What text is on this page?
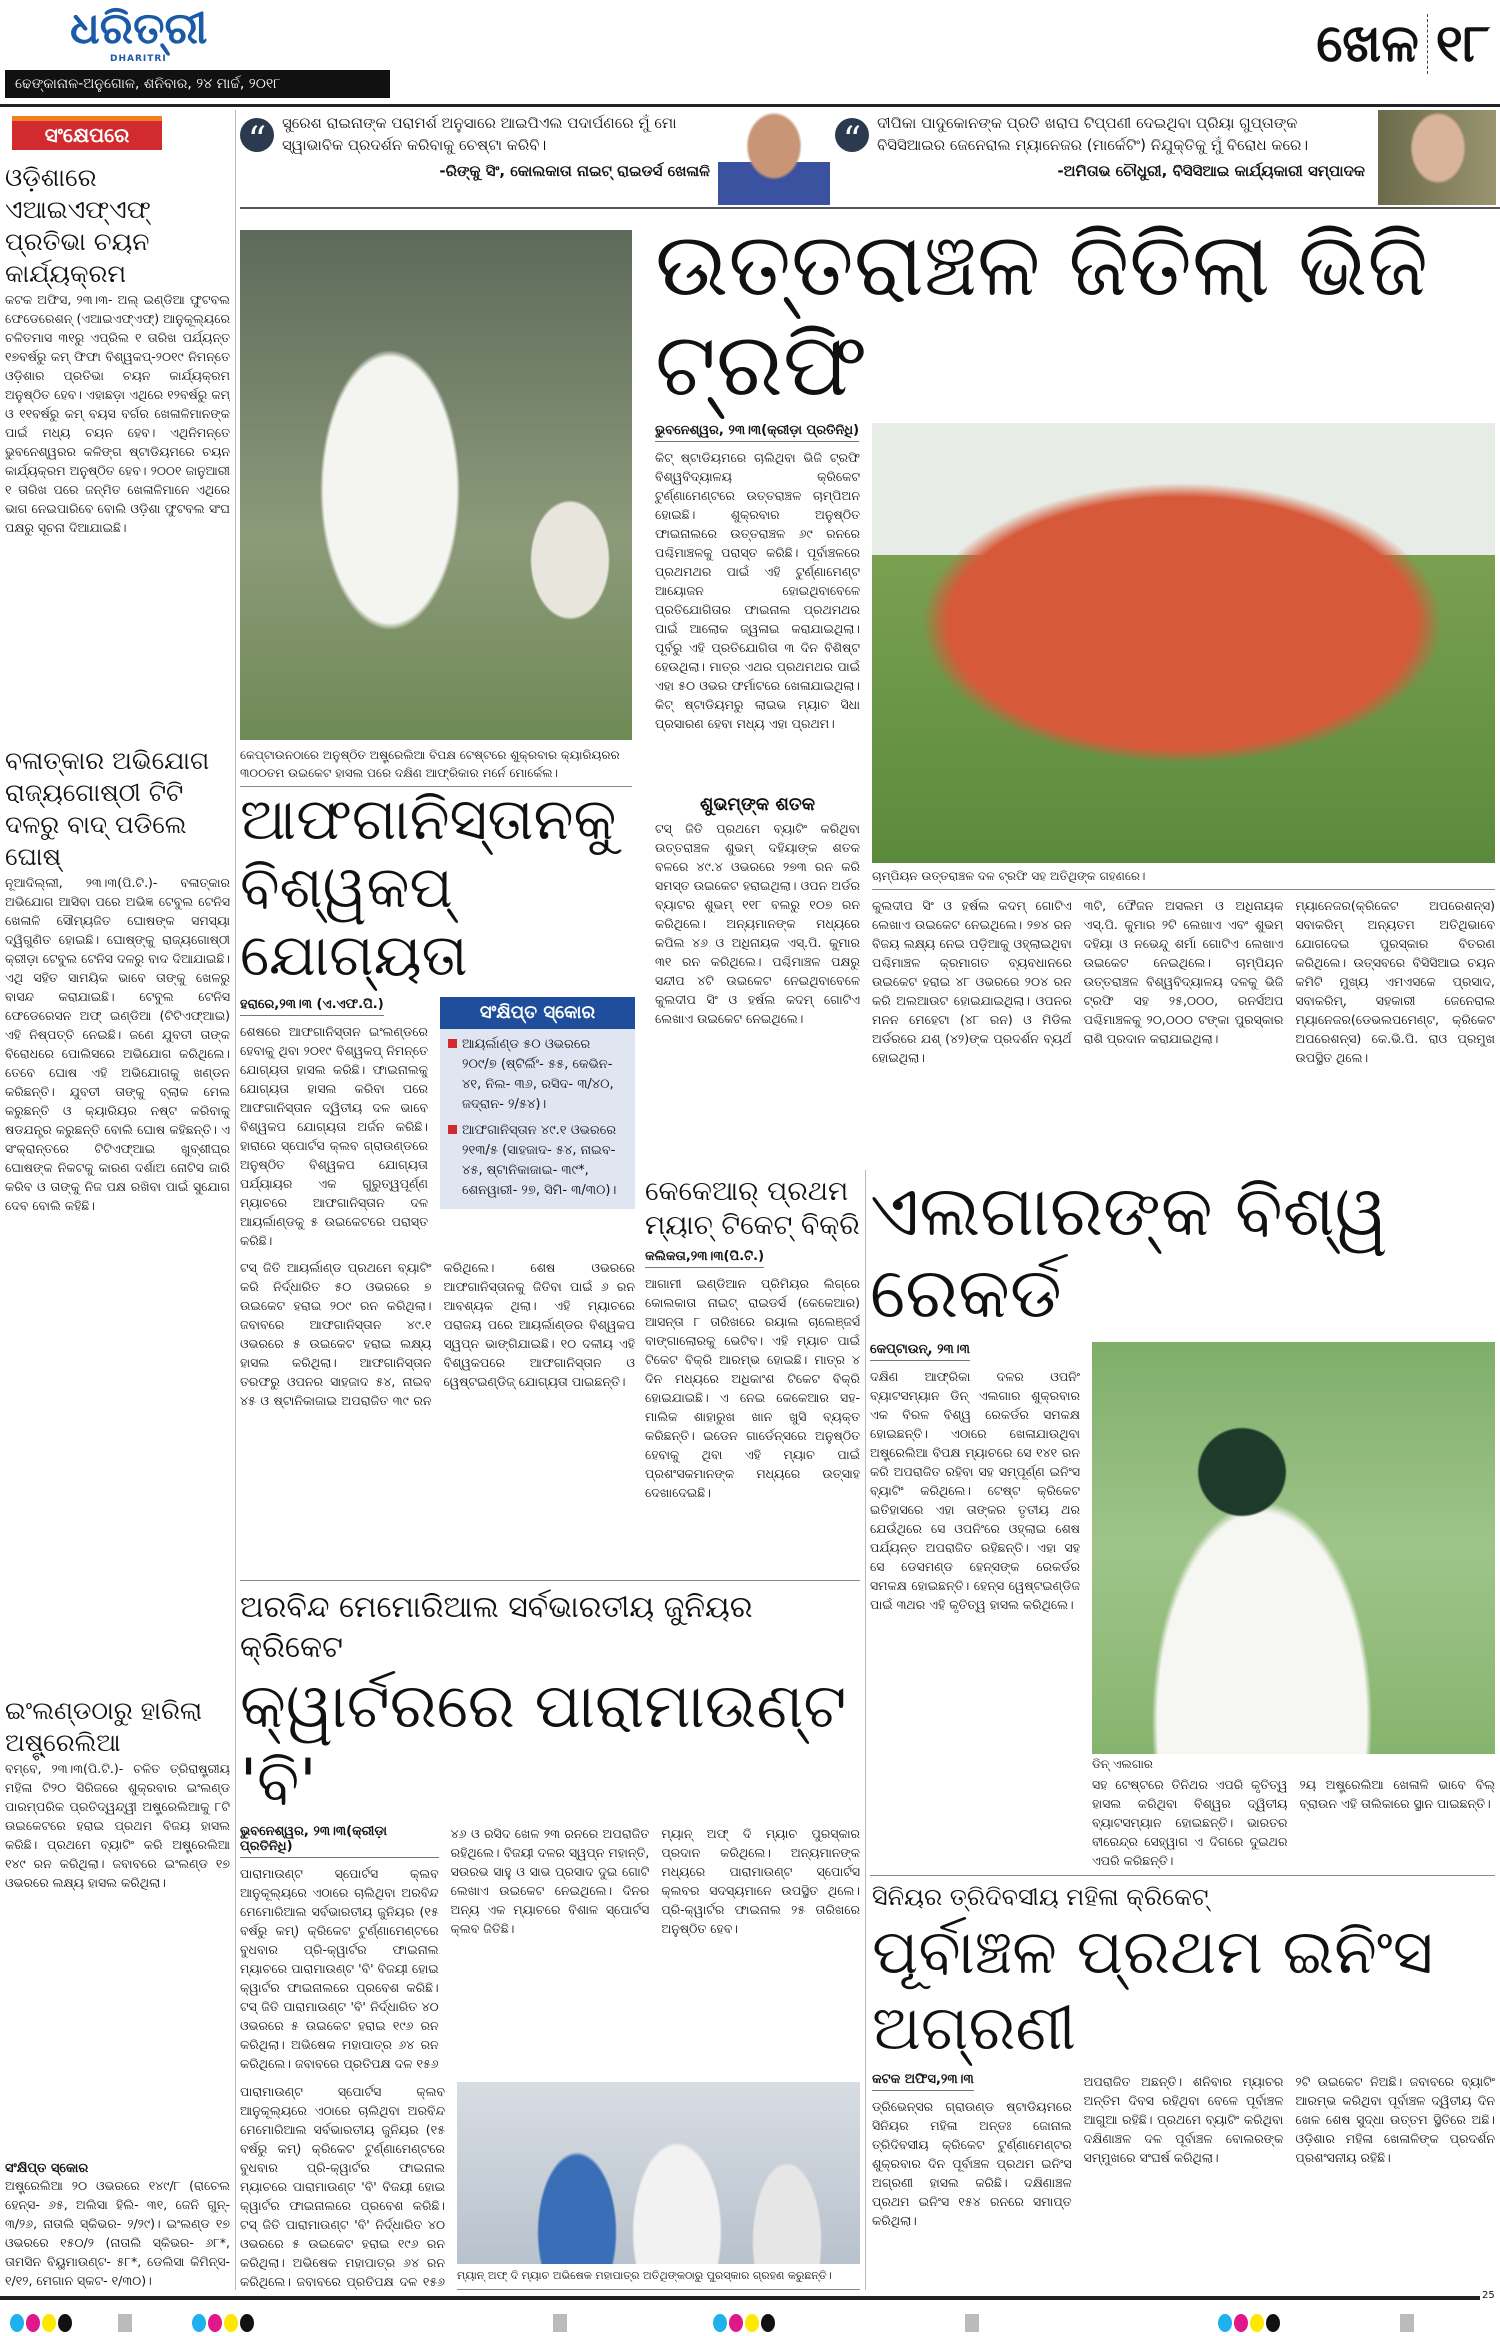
ଧରିତ୍ରୀ
DHARITRI
ଢେଙ୍କାନାଳ-ଅନୁଗୋଳ, ଶନିବାର, ୨୪ ମାର୍ଚ୍ଚ, ୨୦୧୮
ଖେଳ ୧୮
“	ସୁରେଶ ରାଇନାଙ୍କ ପରାମର୍ଶ ଅନୁସାରେ ଆଇପିଏଲ ପଦାର୍ପଣରେ ମୁଁ ମୋ ସ୍ୱାଭାବିକ ପ୍ରଦର୍ଶନ କରିବାକୁ ଚେଷ୍ଟା କରିବି।
-ରିଙ୍କୁ ସିଂ, କୋଲକାତା ନାଇଟ୍ ରାଇଡର୍ସ ଖେଳାଳି
“	ଦୀପିକା ପାଦୁକୋନଙ୍କ ପ୍ରତି ଖରାପ ଟିପ୍ପଣୀ ଦେଇଥିବା ପ୍ରିୟା ଗୁପ୍ତାଙ୍କ ବିସିସିଆଇର ଜେନେରାଲ ମ୍ୟାନେଜର (ମାର୍କେଟିଂ) ନିଯୁକ୍ତିକୁ ମୁଁ ବିରୋଧ କରେ।
-ଅମିତାଭ ଚୌଧୁରୀ, ବିସିସିଆଇ କାର୍ଯ୍ୟକାରୀ ସମ୍ପାଦକ
ସଂକ୍ଷେପରେ
ଓଡ଼ିଶାରେ ଏଆଇଏଫ୍ଏଫ୍ ପ୍ରତିଭା ଚୟନ କାର୍ଯ୍ୟକ୍ରମ
କଟକ ଅଫିସ, ୨୩।୩- ଅଲ୍ ଇଣ୍ଡିଆ ଫୁଟବଲ ଫେଡେରେଶନ୍ (ଏଆଇଏଫ୍ଏଫ୍) ଆନୁକୂଲ୍ୟରେ ଚଳିତମାସ ୩୧ରୁ ଏପ୍ରିଲ ୧ ତାରିଖ ପର୍ଯ୍ୟନ୍ତ ୧୭ବର୍ଷରୁ କମ୍ ଫିଫା ବିଶ୍ୱକପ୍-୨୦୧୯ ନିମନ୍ତେ ଓଡ଼ିଶାର ପ୍ରତିଭା ଚୟନ କାର୍ଯ୍ୟକ୍ରମ ଅନୁଷ୍ଠିତ ହେବ। ଏହାଛଡ଼ା ଏଥିରେ ୧୨ବର୍ଷରୁ କମ୍ ଓ ୧୧ବର୍ଷରୁ କମ୍ ବୟସ ବର୍ଗର ଖେଳାଳିମାନଙ୍କ ପାଇଁ ମଧ୍ୟ ଚୟନ ହେବ। ଏଥିନିମନ୍ତେ ଭୁବନେଶ୍ୱରର କଳିଙ୍ଗ ଷ୍ଟାଡିୟମରେ ଚୟନ କାର୍ଯ୍ୟକ୍ରମ ଅନୁଷ୍ଠିତ ହେବ। ୨୦୦୧ ଜାନୁଆରୀ ୧ ତାରିଖ ପରେ ଜନ୍ମିତ ଖେଳାଳିମାନେ ଏଥିରେ ଭାଗ ନେଇପାରିବେ ବୋଲି ଓଡ଼ିଶା ଫୁଟବଲ ସଂଘ ପକ୍ଷରୁ ସୂଚନା ଦିଆଯାଇଛି।
ବଳାତ୍କାର ଅଭିଯୋଗ ରାଜ୍ୟଗୋଷ୍ଠୀ ଟିଟି ଦଳରୁ ବାଦ୍ ପଡିଲେ ଘୋଷ୍
ନୂଆଦିଲ୍ଲୀ, ୨୩।୩(ପି.ଟି.)- ବଳାତ୍କାର ଅଭିଯୋଗ ଆସିବା ପରେ ଅଭିଜ୍ଞ ଟେବୁଲ ଟେନିସ ଖେଳାଳି ସୌମ୍ୟଜିତ ଘୋଷଙ୍କ ସମସ୍ୟା ଦ୍ୱିଗୁଣିତ ହୋଇଛି। ଘୋଷ୍‌ଙ୍କୁ ରାଜ୍ୟଗୋଷ୍ଠୀ କ୍ରୀଡ଼ା ଟେବୁଲ ଟେନିସ ଦଳରୁ ବାଦ ଦିଆଯାଇଛି। ଏଥି ସହିତ ସାମୟିକ ଭାବେ ତାଙ୍କୁ ଖେଳରୁ ବାସନ୍ଦ କରାଯାଇଛି। ଟେବୁଲ ଟେନିସ ଫେଡେରେସନ ଅଫ୍ ଇଣ୍ଡିଆ (ଟିଟିଏଫ୍ଆଇ) ଏହି ନିଷ୍ପତ୍ତି ନେଇଛି। ଜଣେ ଯୁବତୀ ତାଙ୍କ ବିରୋଧରେ ପୋଲିସରେ ଅଭିଯୋଗ କରିଥିଲେ। ତେବେ ଘୋଷ ଏହି ଅଭିଯୋଗକୁ ଖଣ୍ଡନ କରିଛନ୍ତି। ଯୁବତୀ ତାଙ୍କୁ ବ୍ଲାକ ମେଲ କରୁଛନ୍ତି ଓ କ୍ୟାରିୟର ନଷ୍ଟ କରିବାକୁ ଷଡଯନ୍ତ୍ର କରୁଛନ୍ତି ବୋଲି ଘୋଷ କହିଛନ୍ତି। ଏ ସଂକ୍ରାନ୍ତରେ ଟିଟିଏଫ୍ଆଇ ଖୁବ୍‌ଶୀଘ୍ର ଘୋଷଙ୍କ ନିକଟକୁ କାରଣ ଦର୍ଶାଅ ନୋଟିସ ଜାରି କରିବ ଓ ତାଙ୍କୁ ନିଜ ପକ୍ଷ ରଖିବା ପାଇଁ ସୁଯୋଗ ଦେବ ବୋଲି କହିଛି।
ଇଂଲଣ୍ଡଠାରୁ ହାରିଲା ଅଷ୍ଟ୍ରେଲିଆ
ବମ୍ବେ, ୨୩।୩(ପି.ଟି.)- ଚଳିତ ତ୍ରିରାଷ୍ଟ୍ରୀୟ ମହିଳା ଟି୨୦ ସିରିଜରେ ଶୁକ୍ରବାର ଇଂଲଣ୍ଡ ପାରମ୍ପରିକ ପ୍ରତିଦ୍ୱନ୍ଦ୍ୱୀ ଅଷ୍ଟ୍ରେଲିଆକୁ ୮ଟି ଉଇକେଟରେ ହରାଇ ପ୍ରଥମ ବିଜୟ ହାସଲ କରିଛି। ପ୍ରଥମେ ବ୍ୟାଟିଂ କରି ଅଷ୍ଟ୍ରେଲିଆ ୧୪୯ ରନ କରିଥିଲା। ଜବାବରେ ଇଂଲଣ୍ଡ ୧୭ ଓଭରରେ ଲକ୍ଷ୍ୟ ହାସଲ କରିଥିଲା।
ସଂକ୍ଷିପ୍ତ ସ୍କୋର
ଅଷ୍ଟ୍ରେଲିଆ ୨୦ ଓଭରରେ ୧୪୯/୮ (ରାଚେଲ ହେନ୍ସ- ୬୫, ଅଲିସା ହିଲି- ୩୧, ଜେନି ଗୁନ୍- ୩/୨୬, ନାତାଲି ସ୍କିଭର- ୨/୨୯)। ଇଂଲଣ୍ଡ ୧୭ ଓଭରରେ ୧୫୦/୨ (ନାତାଲି ସ୍କିଭର- ୬୮*, ତାମସିନ ବିୟୁମାଉଣ୍ଟ- ୫୮*, ଡେଲିସା କିମିନ୍ସ- ୧/୧୨, ମେଗାନ ସ୍କଟ- ୧/୩୦)।
କେପ୍‌ଟାଉନଠାରେ ଅନୁଷ୍ଠିତ ଅଷ୍ଟ୍ରେଲିଆ ବିପକ୍ଷ ଟେଷ୍ଟରେ ଶୁକ୍ରବାର କ୍ୟାରିୟରର ୩୦୦ତମ ଉଇକେଟ ହାସଲ ପରେ ଦକ୍ଷିଣ ଆଫ୍ରିକାର ମର୍ନେ ମୋର୍କେଲ।
ଉତ୍ତରାଞ୍ଚଳ ଜିତିଲା ଭିଜି ଟ୍ରଫି
ଭୁବନେଶ୍ୱର, ୨୩।୩(କ୍ରୀଡ଼ା ପ୍ରତିନିଧି)
କିଟ୍ ଷ୍ଟାଡିୟମରେ ଚାଲିଥିବା ଭିଜି ଟ୍ରଫି ବିଶ୍ୱବିଦ୍ୟାଳୟ କ୍ରିକେଟ ଟୁର୍ଣ୍ଣାମେଣ୍ଟରେ ଉତ୍ତରାଞ୍ଚଳ ଚାମ୍ପିଅନ ହୋଇଛି। ଶୁକ୍ରବାର ଅନୁଷ୍ଠିତ ଫାଇନାଲରେ ଉତ୍ତରାଞ୍ଚଳ ୬୯ ରନରେ ପଶ୍ଚିମାଞ୍ଚଳକୁ ପରାସ୍ତ କରିଛି। ପୂର୍ବାଞ୍ଚଳରେ ପ୍ରଥମଥର ପାଇଁ ଏହି ଟୁର୍ଣ୍ଣାମେଣ୍ଟ ଆୟୋଜନ ହୋଇଥିବାବେଳେ ପ୍ରତିଯୋଗିତାର ଫାଇନାଲ ପ୍ରଥମଥର ପାଇଁ ଆଲୋକ ଜ୍ୱଳାଇ କରାଯାଇଥିଲା। ପୂର୍ବରୁ ଏହି ପ୍ରତିଯୋଗିତା ୩ ଦିନ ବିଶିଷ୍ଟ ହେଉଥିଲା। ମାତ୍ର ଏଥର ପ୍ରଥମଥର ପାଇଁ ଏହା ୫୦ ଓଭର ଫର୍ମାଟରେ ଖେଳାଯାଇଥିଲା। କିଟ୍ ଷ୍ଟାଡିୟମରୁ ଲାଇଭ ମ୍ୟାଚ ସିଧା ପ୍ରସାରଣ ହେବା ମଧ୍ୟ ଏହା ପ୍ରଥମ।
ଶୁଭମ୍‌ଙ୍କ ଶତକ
ଟସ୍ ଜିତି ପ୍ରଥମେ ବ୍ୟାଟିଂ କରିଥିବା ଉତ୍ତରାଞ୍ଚଳ ଶୁଭମ୍ ଦହିୟାଙ୍କ ଶତକ ବଳରେ ୪୯.୪ ଓଭରରେ ୨୭୩ ରନ କରି ସମସ୍ତ ଉଇକେଟ ହରାଇଥିଲା। ଓପନ ଅର୍ଡର ବ୍ୟାଟର ଶୁଭମ୍ ୧୧୮ ବଲରୁ ୧୦୭ ରନ କରିଥିଲେ। ଅନ୍ୟମାନଙ୍କ ମଧ୍ୟରେ କପିଲ ୪୬ ଓ ଅଧିନାୟକ ଏସ୍.ପି. କୁମାର ୩୧ ରନ କରିଥିଲେ। ପଶ୍ଚିମାଞ୍ଚଳ ପକ୍ଷରୁ ସନ୍ଦୀପ ୪ଟି ଉଇକେଟ ନେଇଥିବାବେଳେ କୁଲଦୀପ ସିଂ ଓ ହର୍ଷଲ କଦମ୍ ଗୋଟିଏ ଲେଖାଏ ଉଇକେଟ ନେଇଥିଲେ।
ଚାମ୍ପିୟନ ଉତ୍ତରାଞ୍ଚଳ ଦଳ ଟ୍ରଫି ସହ ଅତିଥିଙ୍କ ଗହଣରେ।
କୁଲଦୀପ ସିଂ ଓ ହର୍ଷଲ କଦମ୍ ଗୋଟିଏ ଲେଖାଏ ଉଇକେଟ ନେଇଥିଲେ। ୨୭୪ ରନ ବିଜୟ ଲକ୍ଷ୍ୟ ନେଇ ପଡ଼ିଆକୁ ଓହ୍ଲାଇଥିବା ପଶ୍ଚିମାଞ୍ଚଳ କ୍ରମାଗତ ବ୍ୟବଧାନରେ ଉଇକେଟ ହରାଇ ୪୮ ଓଭରରେ ୨୦୪ ରନ କରି ଅଲଆଉଟ ହୋଇଯାଇଥିଲା। ଓପନର ମନନ ମେହେଟା (୪୮ ରନ) ଓ ମିଡିଲ ଅର୍ଡରରେ ଯଶ୍ (୪୨)ଙ୍କ ପ୍ରଦର୍ଶନ ବ୍ୟର୍ଥ ହୋଇଥିଲା।
୩ଟି, ଫୈଜନ ଅସଲମ ଓ ଅଧିନାୟକ ଏସ୍.ପି. କୁମାର ୨ଟି ଲେଖାଏ ଏବଂ ଶୁଭମ୍ ଦହିୟା ଓ ନଭେନ୍ଦୁ ଶର୍ମା ଗୋଟିଏ ଲେଖାଏ ଉଇକେଟ ନେଇଥିଲେ। ଚାମ୍ପିୟନ ଉତ୍ତରାଞ୍ଚଳ ବିଶ୍ୱବିଦ୍ୟାଳୟ ଦଳକୁ ଭିଜି ଟ୍ରଫି ସହ ୨୫,୦୦୦, ରନର୍ସଅପ ପଶ୍ଚିମାଞ୍ଚଳକୁ ୨୦,୦୦୦ ଟଙ୍କା ପୁରସ୍କାର ରାଶି ପ୍ରଦାନ କରାଯାଇଥିଲା।
ମ୍ୟାନେଜର(କ୍ରିକେଟ ଅପରେଶନ୍ସ) ସବାକରିମ୍ ଅନ୍ୟତମ ଅତିଥିଭାବେ ଯୋଗଦେଇ ପୁରସ୍କାର ବିତରଣ କରିଥିଲେ। ଉତ୍ସବରେ ବିସିସିଆଇ ଚୟନ କମିଟି ମୁଖ୍ୟ ଏମଏସକେ ପ୍ରସାଦ, ସବାକରିମ୍, ସହକାରୀ ଜେନେରାଲ ମ୍ୟାନେଜର(ଡେଭଲପମେଣ୍ଟ, କ୍ରିକେଟ ଅପରେଶନ୍ସ) କେ.ଭି.ପି. ରାଓ ପ୍ରମୁଖ ଉପସ୍ଥିତ ଥିଲେ।
ଆଫଗାନିସ୍ତାନକୁ ବିଶ୍ୱକପ୍ ଯୋଗ୍ୟତା
ହରାରେ,୨୩।୩ (ଏ.ଏଫ.ପି.)
ଶେଷରେ ଆଫଗାନିସ୍ତାନ ଇଂଲଣ୍ଡରେ ହେବାକୁ ଥିବା ୨୦୧୯ ବିଶ୍ୱକପ୍ ନିମନ୍ତେ ଯୋଗ୍ୟତା ହାସଲ କରିଛି। ଫାଇନାଲକୁ ଯୋଗ୍ୟତା ହାସଲ କରିବା ପରେ ଆଫଗାନିସ୍ତାନ ଦ୍ୱିତୀୟ ଦଳ ଭାବେ ବିଶ୍ୱକପ ଯୋଗ୍ୟତା ଅର୍ଜନ କରିଛି। ହାରାରେ ସ୍ପୋର୍ଟସ କ୍ଲବ ଗ୍ରାଉଣ୍ଡରେ ଅନୁଷ୍ଠିତ ବିଶ୍ୱକପ ଯୋଗ୍ୟତା ପର୍ଯ୍ୟାୟର ଏକ ଗୁରୁତ୍ୱପୂର୍ଣ୍ଣ ମ୍ୟାଚରେ ଆଫଗାନିସ୍ତାନ ଦଳ ଆୟର୍ଲାଣ୍ଡକୁ ୫ ଉଇକେଟରେ ପରାସ୍ତ କରିଛି।
ସଂକ୍ଷିପ୍ତ ସ୍କୋର

ଆୟର୍ଲାଣ୍ଡ ୫୦ ଓଭରରେ ୨୦୯/୭ (ଷ୍ଟିର୍ଲିଂ- ୫୫, କେଭିନ- ୪୧, ନିଲ- ୩୬, ରସିଦ- ୩/୪୦, ଜଦ୍ରାନ- ୨/୫୪)।

ଆଫଗାନିସ୍ତାନ ୪୯.୧ ଓଭରରେ ୨୧୩/୫ (ସାହଜାଦ- ୫୪, ନାଇବ- ୪୫, ଷ୍ଟାନିକାଜାଇ- ୩୯*, ଶେନୱାରୀ- ୨୭, ସିମି- ୩/୩୦)।

ଟସ୍ ଜିତି ଆୟର୍ଲାଣ୍ଡ ପ୍ରଥମେ ବ୍ୟାଟିଂ କରି ନିର୍ଦ୍ଧାରିତ ୫୦ ଓଭରରେ ୭ ଉଇକେଟ ହରାଇ ୨୦୯ ରନ କରିଥିଲା। ଜବାବରେ ଆଫଗାନିସ୍ତାନ ୪୯.୧ ଓଭରରେ ୫ ଉଇକେଟ ହରାଇ ଲକ୍ଷ୍ୟ ହାସଲ କରିଥିଲା। ଆଫଗାନିସ୍ତାନ ତରଫରୁ ଓପନର ସାହଜାଦ ୫୪, ନାଇବ ୪୫ ଓ ଷ୍ଟାନିକାଜାଇ ଅପରାଜିତ ୩୯ ରନ କରିଥିଲେ। ଶେଷ ଓଭରରେ ଆଫଗାନିସ୍ତାନକୁ ଜିତିବା ପାଇଁ ୬ ରନ ଆବଶ୍ୟକ ଥିଲା। ଏହି ମ୍ୟାଚରେ ପରାଜୟ ପରେ ଆୟର୍ଲାଣ୍ଡର ବିଶ୍ୱକପ ସ୍ୱପ୍ନ ଭାଙ୍ଗିଯାଇଛି। ୧୦ ଦଳୀୟ ଏହି ବିଶ୍ୱକପରେ ଆଫଗାନିସ୍ତାନ ଓ ୱେଷ୍ଟଇଣ୍ଡିଜ୍ ଯୋଗ୍ୟତା ପାଇଛନ୍ତି।
କେକେଆର୍ ପ୍ରଥମ ମ୍ୟାଚ୍ ଟିକେଟ୍ ବିକ୍ରି
କଲିକତା,୨୩।୩(ପି.ଟି.)
ଆଗାମୀ ଇଣ୍ଡିଆନ ପ୍ରିମିୟର ଲିଗ୍‌ରେ କୋଲକାତା ନାଇଟ୍ ରାଇଡର୍ସ (କେକେଆର) ଆସନ୍ତା ୮ ତାରିଖରେ ରୟାଲ ଚାଲେଞ୍ଜର୍ସ ବାଙ୍ଗାଲୋରକୁ ଭେଟିବ। ଏହି ମ୍ୟାଚ ପାଇଁ ଟିକେଟ ବିକ୍ରି ଆରମ୍ଭ ହୋଇଛି। ମାତ୍ର ୪ ଦିନ ମଧ୍ୟରେ ଅଧିକାଂଶ ଟିକେଟ ବିକ୍ରି ହୋଇଯାଇଛି। ଏ ନେଇ କେକେଆର ସହ-ମାଲିକ ଶାହାରୁଖ ଖାନ ଖୁସି ବ୍ୟକ୍ତ କରିଛନ୍ତି। ଇଡେନ ଗାର୍ଡେନ୍ସରେ ଅନୁଷ୍ଠିତ ହେବାକୁ ଥିବା ଏହି ମ୍ୟାଚ ପାଇଁ ପ୍ରଶଂସକମାନଙ୍କ ମଧ୍ୟରେ ଉତ୍ସାହ ଦେଖାଦେଇଛି।
ଏଲଗାରଙ୍କ ବିଶ୍ୱ ରେକର୍ଡ
କେପ୍‌ଟାଉନ୍, ୨୩।୩
ଦକ୍ଷିଣ ଆଫ୍ରିକା ଦଳର ଓପନିଂ ବ୍ୟାଟସମ୍ୟାନ ଡିନ୍ ଏଲଗାର ଶୁକ୍ରବାର ଏକ ବିରଳ ବିଶ୍ୱ ରେକର୍ଡର ସମକକ୍ଷ ହୋଇଛନ୍ତି। ଏଠାରେ ଖେଳାଯାଉଥିବା ଅଷ୍ଟ୍ରେଲିଆ ବିପକ୍ଷ ମ୍ୟାଚରେ ସେ ୧୪୧ ରନ କରି ଅପରାଜିତ ରହିବା ସହ ସମ୍ପୂର୍ଣ୍ଣ ଇନିଂସ ବ୍ୟାଟିଂ କରିଥିଲେ। ଟେଷ୍ଟ କ୍ରିକେଟ ଇତିହାସରେ ଏହା ତାଙ୍କର ତୃତୀୟ ଥର ଯେଉଁଥିରେ ସେ ଓପନିଂରେ ଓହ୍ଲାଇ ଶେଷ ପର୍ଯ୍ୟନ୍ତ ଅପରାଜିତ ରହିଛନ୍ତି। ଏହା ସହ ସେ ଡେସମଣ୍ଡ ହେନ୍ସଙ୍କ ରେକର୍ଡର ସମକକ୍ଷ ହୋଇଛନ୍ତି। ହେନ୍ସ ୱେଷ୍ଟଇଣ୍ଡିଜ ପାଇଁ ୩ଥର ଏହି କୃତିତ୍ୱ ହାସଲ କରିଥିଲେ।
ଡିନ୍ ଏଲଗାର
ସହ ଟେଷ୍ଟରେ ତିନିଥର ଏପରି କୃତିତ୍ୱ ହାସଲ କରିଥିବା ବିଶ୍ୱର ଦ୍ୱିତୀୟ ବ୍ୟାଟସମ୍ୟାନ ହୋଇଛନ୍ତି। ଭାରତର ବୀରେନ୍ଦ୍ର ସେହ୍‌ୱାଗ ଏ ଦିଗରେ ଦୁଇଥର ଏପରି କରିଛନ୍ତି।
୨ୟ ଅଷ୍ଟ୍ରେଲିଆ ଖେଳାଳି ଭାବେ ବିଲ୍ ବ୍ରାଉନ ଏହି ତାଲିକାରେ ସ୍ଥାନ ପାଇଛନ୍ତି।
ଅରବିନ୍ଦ ମେମୋରିଆଲ ସର୍ବଭାରତୀୟ ଜୁନିୟର କ୍ରିକେଟ
କ୍ୱାର୍ଟରରେ ପାରାମାଉଣ୍ଟ 'ବି'
ଭୁବନେଶ୍ୱର, ୨୩।୩(କ୍ରୀଡ଼ା ପ୍ରତିନିଧି)
ପାରାମାଉଣ୍ଟ ସ୍ପୋର୍ଟସ କ୍ଲବ ଆନୁକୂଲ୍ୟରେ ଏଠାରେ ଚାଲିଥିବା ଅରବିନ୍ଦ ମେମୋରିଆଲ ସର୍ବଭାରତୀୟ ଜୁନିୟର (୧୫ ବର୍ଷରୁ କମ୍) କ୍ରିକେଟ ଟୁର୍ଣ୍ଣାମେଣ୍ଟରେ ବୁଧବାର ପ୍ରି-କ୍ୱାର୍ଟର ଫାଇନାଲ ମ୍ୟାଚରେ ପାରାମାଉଣ୍ଟ 'ବି' ବିଜୟୀ ହୋଇ କ୍ୱାର୍ଟର ଫାଇନାଲରେ ପ୍ରବେଶ କରିଛି। ଟସ୍ ଜିତି ପାରାମାଉଣ୍ଟ 'ବି' ନିର୍ଦ୍ଧାରିତ ୪୦ ଓଭରରେ ୫ ଉଇକେଟ ହରାଇ ୧୯୬ ରନ କରିଥିଲା। ଅଭିଷେକ ମହାପାତ୍ର ୬୪ ରନ କରିଥିଲେ। ଜବାବରେ ପ୍ରତିପକ୍ଷ ଦଳ ୧୫୬
୪୬ ଓ ରସିଦ ଖେଳ ୨୩ ରନରେ ଅପରାଜିତ ରହିଥିଲେ। ବିଜୟୀ ଦଳର ସ୍ୱପ୍ନ ମହାନ୍ତି, ସଉରଭ ସାହୁ ଓ ସାଭ ପ୍ରସାଦ ଦୁଇ ଗୋଟି ଲେଖାଏ ଉଇକେଟ ନେଇଥିଲେ। ଦିନର ଅନ୍ୟ ଏକ ମ୍ୟାଚରେ ବିଶାଳ ସ୍ପୋର୍ଟସ କ୍ଲବ ଜିତିଛି।
ମ୍ୟାନ୍ ଅଫ୍ ଦି ମ୍ୟାଚ ପୁରସ୍କାର ପ୍ରଦାନ କରିଥିଲେ। ଅନ୍ୟମାନଙ୍କ ମଧ୍ୟରେ ପାରାମାଉଣ୍ଟ ସ୍ପୋର୍ଟସ କ୍ଲବର ସଦସ୍ୟମାନେ ଉପସ୍ଥିତ ଥିଲେ। ପ୍ରି-କ୍ୱାର୍ଟର ଫାଇନାଲ ୨୫ ତାରିଖରେ ଅନୁଷ୍ଠିତ ହେବ।
ପାରାମାଉଣ୍ଟ ସ୍ପୋର୍ଟସ କ୍ଲବ ଆନୁକୂଲ୍ୟରେ ଏଠାରେ ଚାଲିଥିବା ଅରବିନ୍ଦ ମେମୋରିଆଲ ସର୍ବଭାରତୀୟ ଜୁନିୟର (୧୫ ବର୍ଷରୁ କମ୍) କ୍ରିକେଟ ଟୁର୍ଣ୍ଣାମେଣ୍ଟରେ ବୁଧବାର ପ୍ରି-କ୍ୱାର୍ଟର ଫାଇନାଲ ମ୍ୟାଚରେ ପାରାମାଉଣ୍ଟ 'ବି' ବିଜୟୀ ହୋଇ କ୍ୱାର୍ଟର ଫାଇନାଲରେ ପ୍ରବେଶ କରିଛି। ଟସ୍ ଜିତି ପାରାମାଉଣ୍ଟ 'ବି' ନିର୍ଦ୍ଧାରିତ ୪୦ ଓଭରରେ ୫ ଉଇକେଟ ହରାଇ ୧୯୬ ରନ କରିଥିଲା। ଅଭିଷେକ ମହାପାତ୍ର ୬୪ ରନ କରିଥିଲେ। ଜବାବରେ ପ୍ରତିପକ୍ଷ ଦଳ ୧୫୬ ମ୍ୟାନ୍ ଅଫ୍ ଦି ମ୍ୟାଚ ଅଭିଷେକ ମହାପାତ୍ର ଅତିଥିଙ୍କଠାରୁ ପୁରସ୍କାର ଗ୍ରହଣ କରୁଛନ୍ତି।
ସିନିୟର ତ୍ରିଦିବସୀୟ ମହିଳା କ୍ରିକେଟ୍
ପୂର୍ବାଞ୍ଚଳ ପ୍ରଥମ ଇନିଂସ ଅଗ୍ରଣୀ
କଟକ ଅଫିସ,୨୩।୩
ଡ୍ରିଭେନ୍‌ସର ଗ୍ରାଉଣ୍ଡ ଷ୍ଟାଡିୟମରେ ସିନିୟର ମହିଳା ଅନ୍ତଃ ଜୋନାଲ ତ୍ରିଦିବସୀୟ କ୍ରିକେଟ ଟୁର୍ଣ୍ଣାମେଣ୍ଟର ଶୁକ୍ରବାର ଦିନ ପୂର୍ବାଞ୍ଚଳ ପ୍ରଥମ ଇନିଂସ ଅଗ୍ରଣୀ ହାସଲ କରିଛି। ଦକ୍ଷିଣାଞ୍ଚଳ ପ୍ରଥମ ଇନିଂସ ୧୫୪ ରନରେ ସମାପ୍ତ କରିଥିଲା।
ଅପରାଜିତ ଅଛନ୍ତି। ଶନିବାର ମ୍ୟାଚର ଅନ୍ତିମ ଦିବସ ରହିଥିବା ବେଳେ ପୂର୍ବାଞ୍ଚଳ ଆଗୁଆ ରହିଛି। ପ୍ରଥମେ ବ୍ୟାଟିଂ କରିଥିବା ଦକ୍ଷିଣାଞ୍ଚଳ ଦଳ ପୂର୍ବାଞ୍ଚଳ ବୋଲରଙ୍କ ସମ୍ମୁଖରେ ସଂଘର୍ଷ କରିଥିଲା।
୨ଟି ଉଇକେଟ ନିଅଛି। ଜବାବରେ ବ୍ୟାଟିଂ ଆରମ୍ଭ କରିଥିବା ପୂର୍ବାଞ୍ଚଳ ଦ୍ୱିତୀୟ ଦିନ ଖେଳ ଶେଷ ସୁଦ୍ଧା ଉତ୍ତମ ସ୍ଥିତିରେ ଅଛି। ଓଡ଼ିଶାର ମହିଳା ଖେଳାଳିଙ୍କ ପ୍ରଦର୍ଶନ ପ୍ରଶଂସନୀୟ ରହିଛି।
25
